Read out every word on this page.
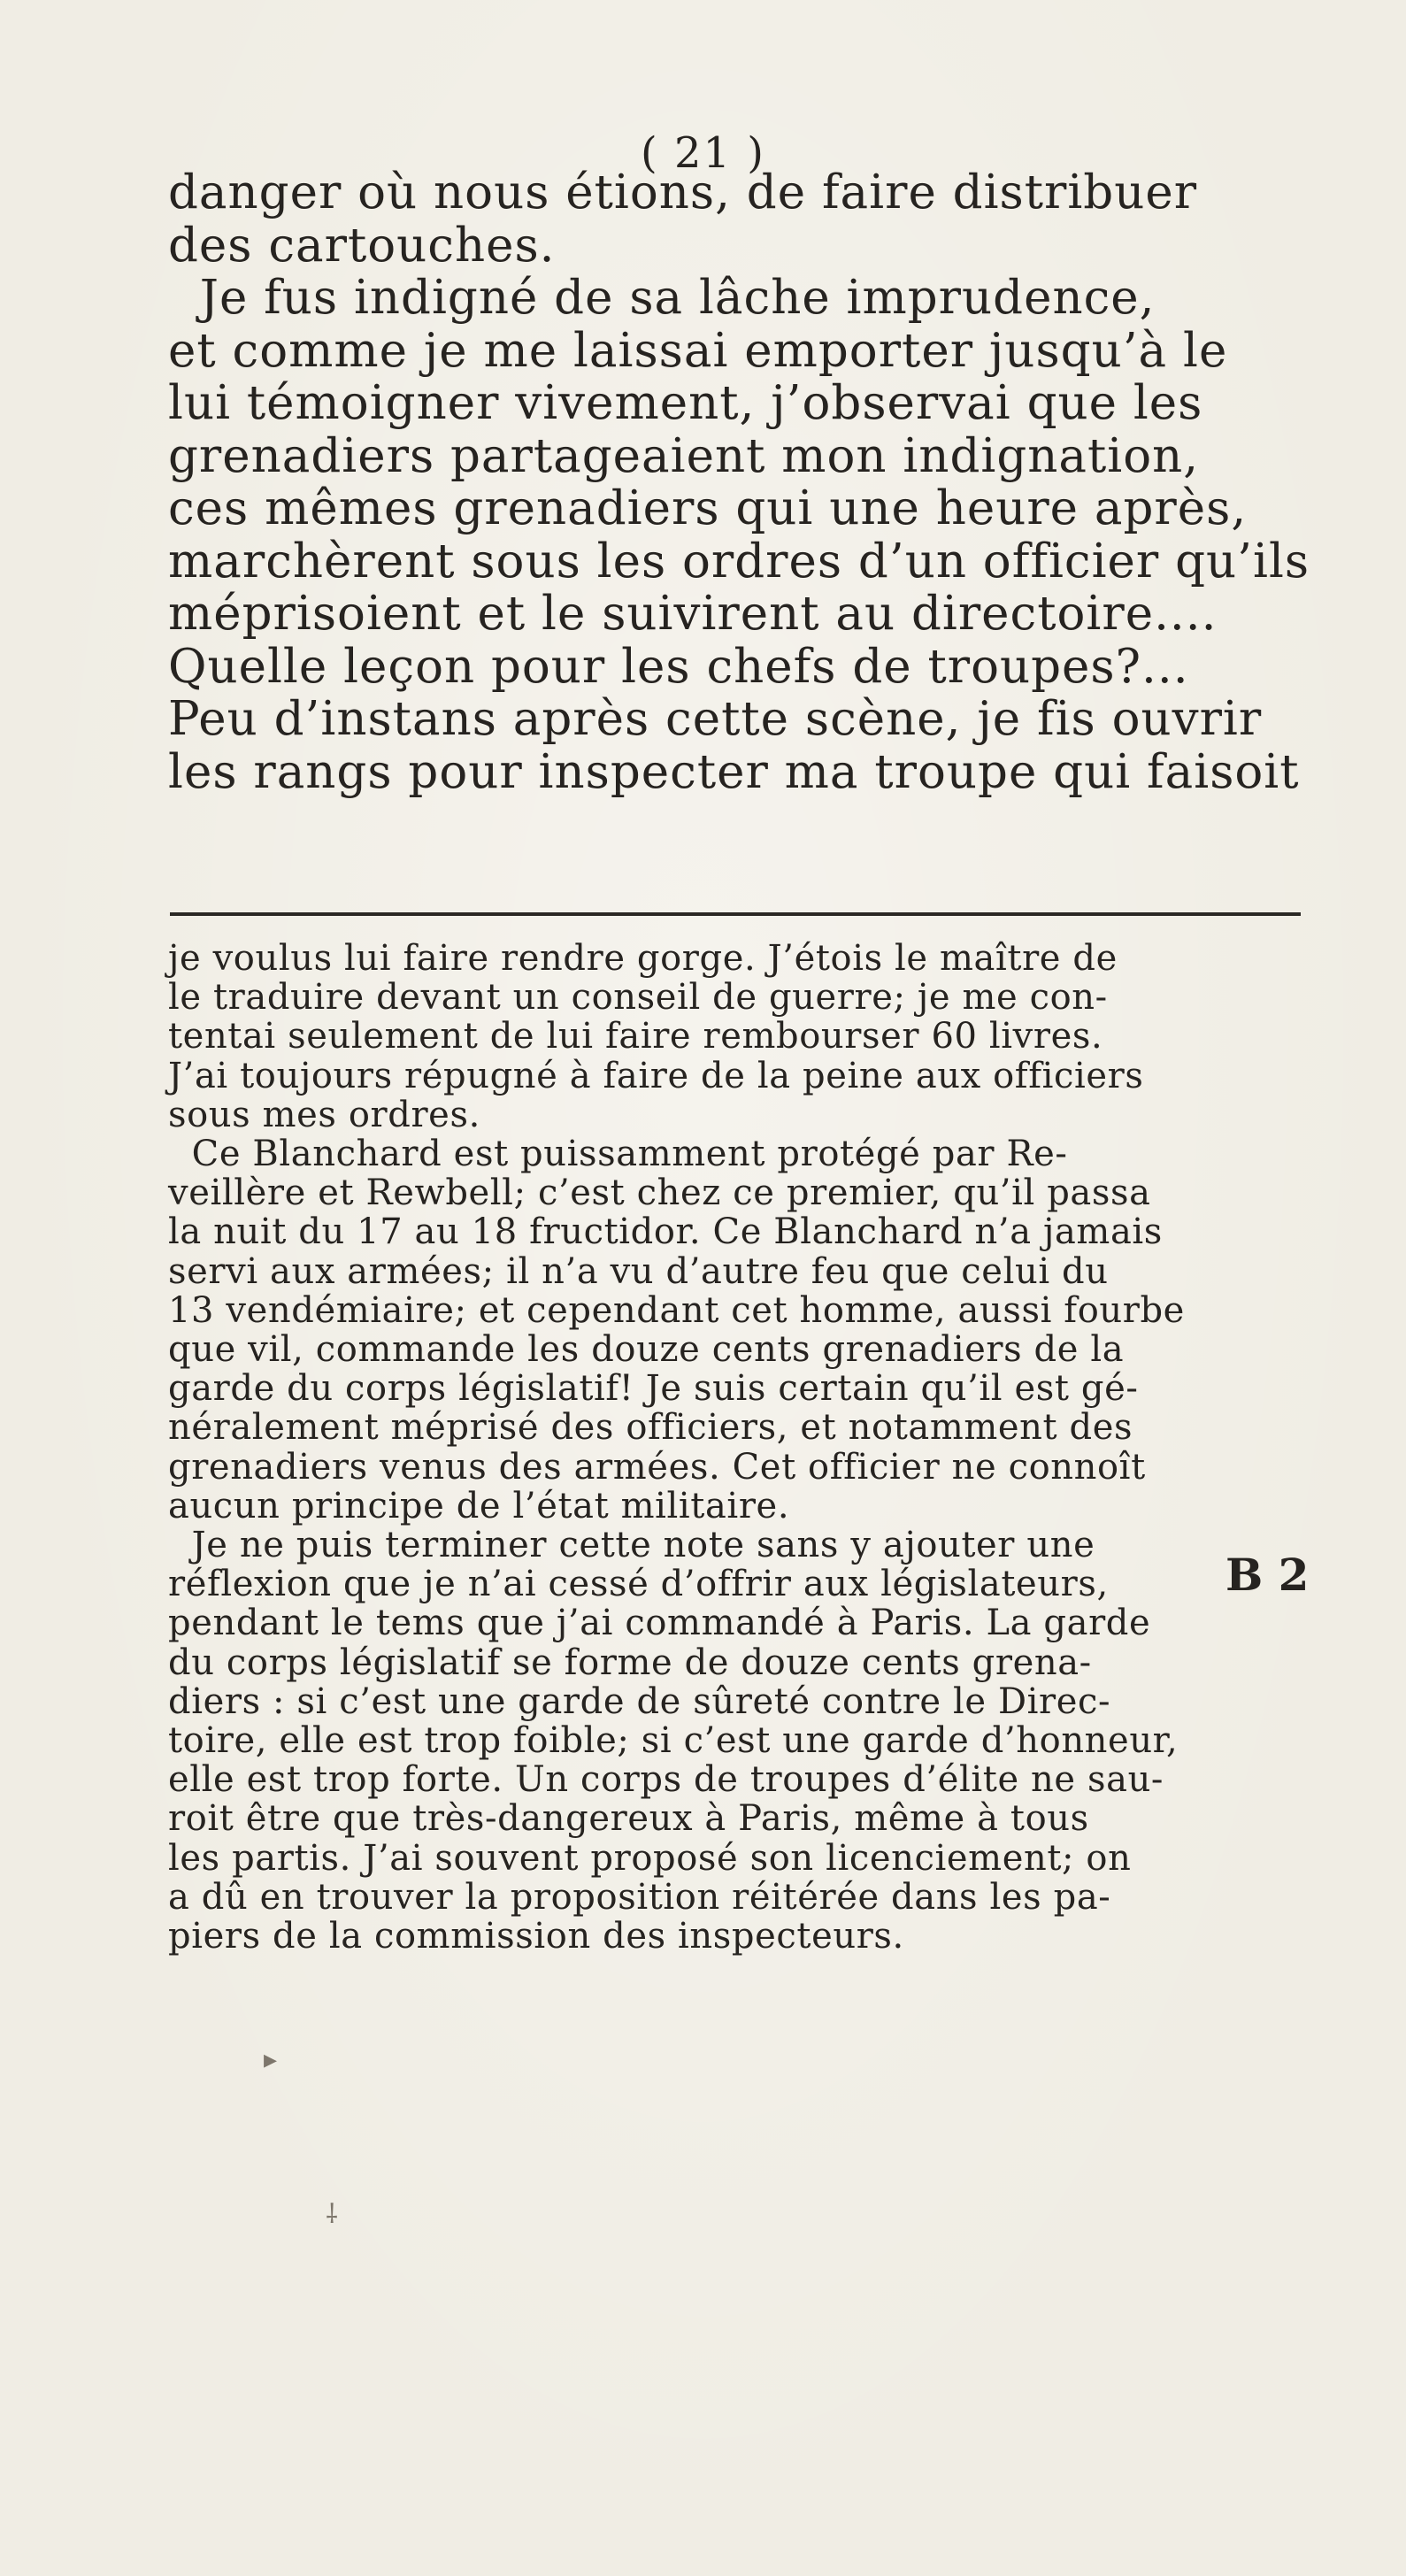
( 21 )
danger où nous étions, de faire distribuer
des cartouches.
Je fus indigné de sa lâche imprudence,
et comme je me laissai emporter jusqu’à le
lui témoigner vivement, j’observai que les
grenadiers partageaient mon indignation,
ces mêmes grenadiers qui une heure après,
marchèrent sous les ordres d’un officier qu’ils
méprisoient et le suivirent au directoire....
Quelle leçon pour les chefs de troupes?...
Peu d’instans après cette scène, je fis ouvrir
les rangs pour inspecter ma troupe qui faisoit
je voulus lui faire rendre gorge. J’étois le maître de
le traduire devant un conseil de guerre; je me con-
tentai seulement de lui faire rembourser 60 livres.
J’ai toujours répugné à faire de la peine aux officiers
sous mes ordres.
Ce Blanchard est puissamment protégé par Re-
veillère et Rewbell; c’est chez ce premier, qu’il passa
la nuit du 17 au 18 fructidor. Ce Blanchard n’a jamais
servi aux armées; il n’a vu d’autre feu que celui du
13 vendémiaire; et cependant cet homme, aussi fourbe
que vil, commande les douze cents grenadiers de la
garde du corps législatif! Je suis certain qu’il est gé-
néralement méprisé des officiers, et notamment des
grenadiers venus des armées. Cet officier ne connoît
aucun principe de l’état militaire.
Je ne puis terminer cette note sans y ajouter une
réflexion que je n’ai cessé d’offrir aux législateurs,
pendant le tems que j’ai commandé à Paris. La garde
du corps législatif se forme de douze cents grena-
diers : si c’est une garde de sûreté contre le Direc-
toire, elle est trop foible; si c’est une garde d’honneur,
elle est trop forte. Un corps de troupes d’élite ne sau-
roit être que très-dangereux à Paris, même à tous
les partis. J’ai souvent proposé son licenciement; on
a dû en trouver la proposition réitérée dans les pa-
piers de la commission des inspecteurs.
B 2
▸
⸸
